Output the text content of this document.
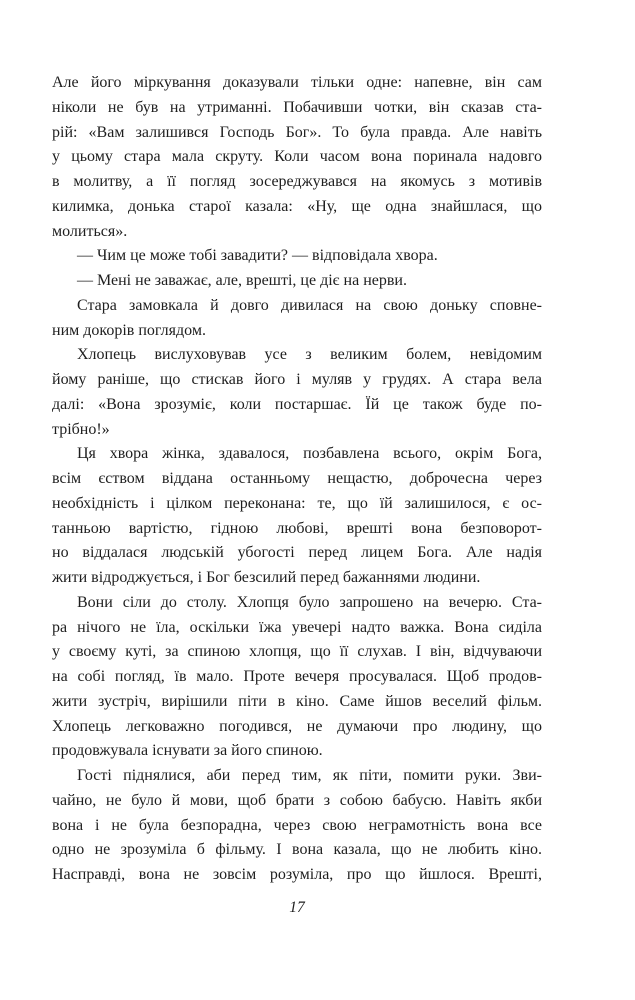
Але його міркування доказували тільки одне: напевне, він сам
ніколи не був на утриманні. Побачивши чотки, він сказав ста-
рій: «Вам залишився Господь Бог». То була правда. Але навіть
у цьому стара мала скруту. Коли часом вона поринала надовго
в молитву, а її погляд зосереджувався на якомусь з мотивів
килимка, донька старої казала: «Ну, ще одна знайшлася, що
молиться».
— Чим це може тобі завадити? — відповідала хвора.
— Мені не заважає, але, врешті, це діє на нерви.
Стара замовкала й довго дивилася на свою доньку сповне-
ним докорів поглядом.
Хлопець вислуховував усе з великим болем, невідомим
йому раніше, що стискав його і муляв у грудях. А стара вела
далі: «Вона зрозуміє, коли постаршає. Їй це також буде по-
трібно!»
Ця хвора жінка, здавалося, позбавлена всього, окрім Бога,
всім єством віддана останньому нещастю, доброчесна через
необхідність і цілком переконана: те, що їй залишилося, є ос-
танньою вартістю, гідною любові, врешті вона безповорот-
но віддалася людській убогості перед лицем Бога. Але надія
жити відроджується, і Бог безсилий перед бажаннями людини.
Вони сіли до столу. Хлопця було запрошено на вечерю. Ста-
ра нічого не їла, оскільки їжа увечері надто важка. Вона сиділа
у своєму куті, за спиною хлопця, що її слухав. І він, відчуваючи
на собі погляд, їв мало. Проте вечеря просувалася. Щоб продов-
жити зустріч, вирішили піти в кіно. Саме йшов веселий фільм.
Хлопець легковажно погодився, не думаючи про людину, що
продовжувала існувати за його спиною.
Гості піднялися, аби перед тим, як піти, помити руки. Зви-
чайно, не було й мови, щоб брати з собою бабусю. Навіть якби
вона і не була безпорадна, через свою неграмотність вона все
одно не зрозуміла б фільму. І вона казала, що не любить кіно.
Насправді, вона не зовсім розуміла, про що йшлося. Врешті,
17
